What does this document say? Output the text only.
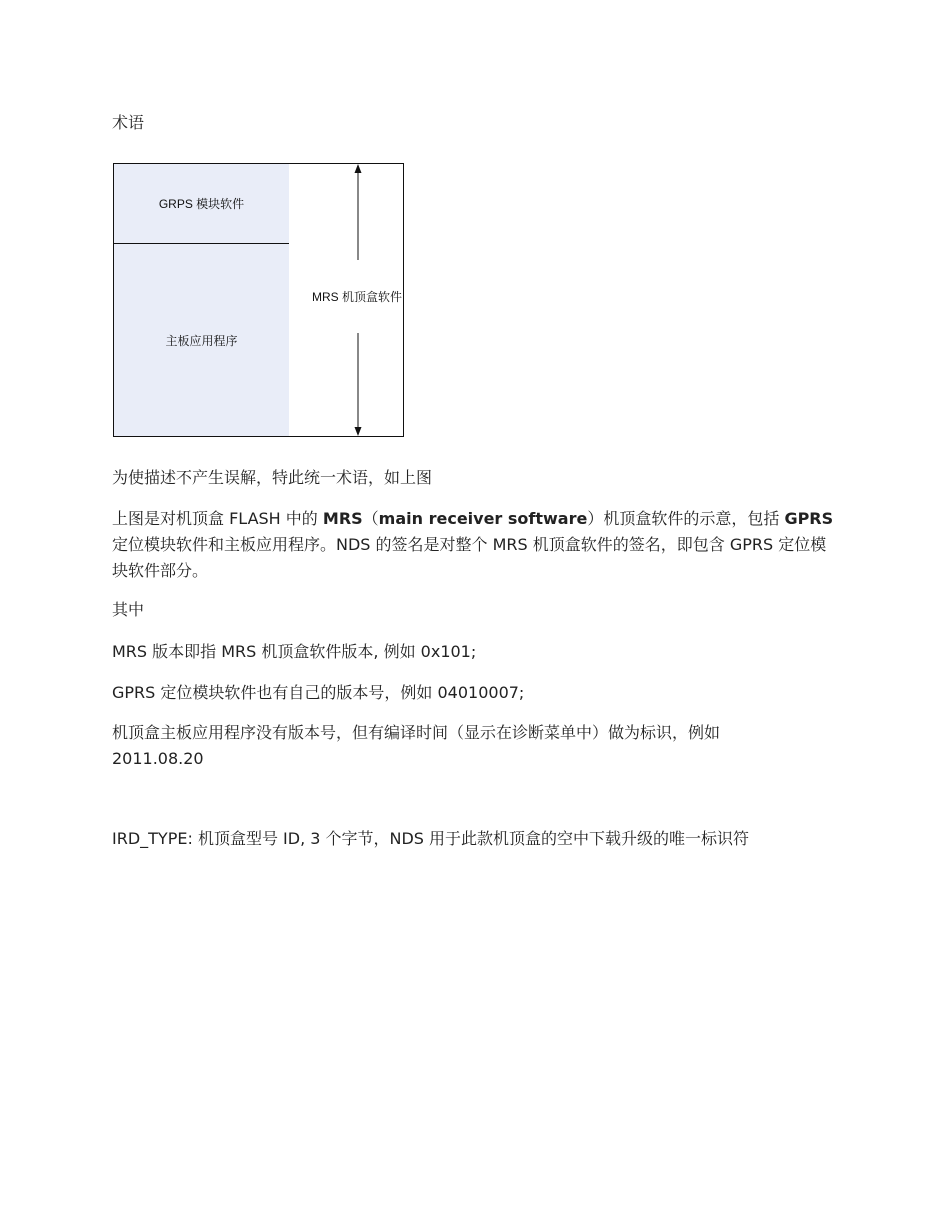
术语
GRPS 模块软件
主板应用程序
MRS 机顶盒软件

为使描述不产生误解，特此统一术语，如上图

上图是对机顶盒 FLASH 中的 MRS（main receiver software）机顶盒软件的示意，包括 GPRS 定位模块软件和主板应用程序。NDS 的签名是对整个 MRS 机顶盒软件的签名，即包含 GPRS 定位模块软件部分。

其中

MRS 版本即指 MRS 机顶盒软件版本, 例如 0x101;

GPRS 定位模块软件也有自己的版本号，例如 04010007;

机顶盒主板应用程序没有版本号，但有编译时间（显示在诊断菜单中）做为标识，例如
2011.08.20

IRD_TYPE: 机顶盒型号 ID, 3 个字节，NDS 用于此款机顶盒的空中下载升级的唯一标识符
